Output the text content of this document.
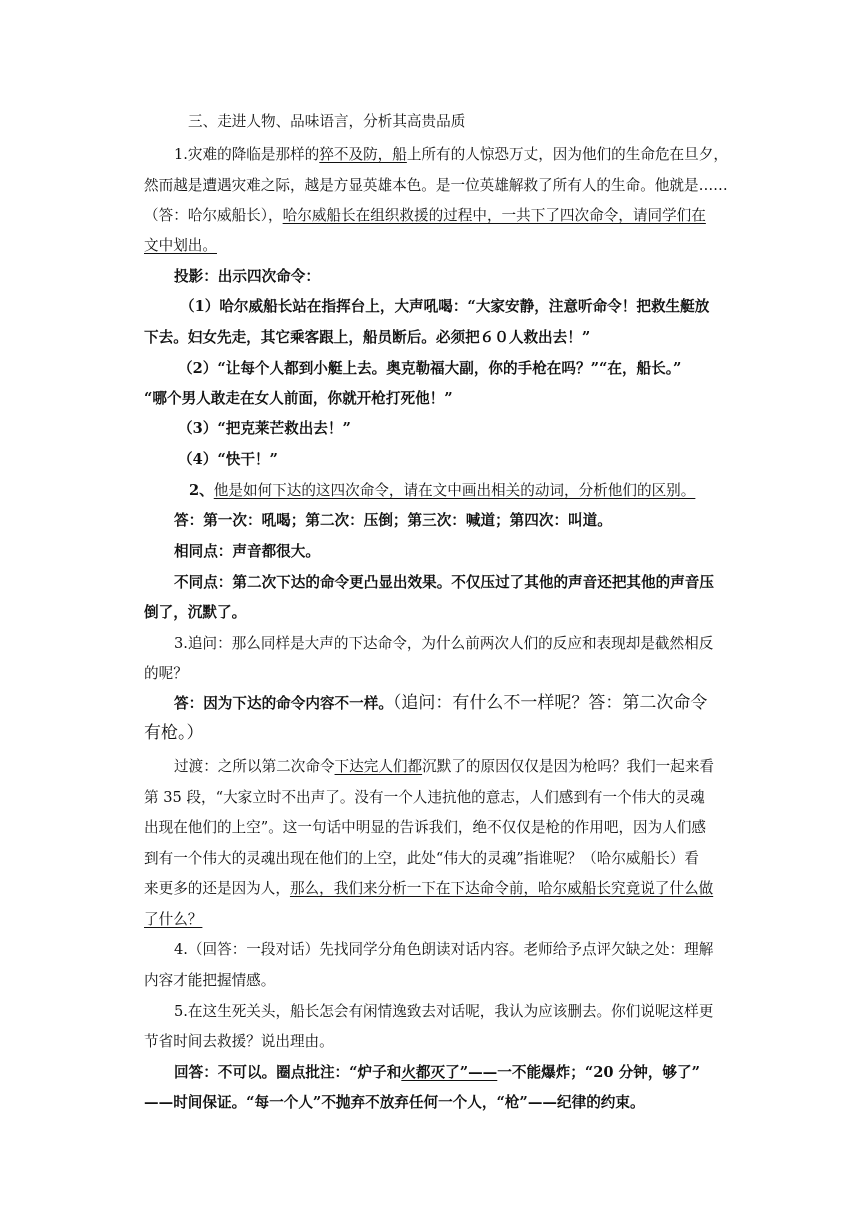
三、走进人物、品味语言，分析其高贵品质
1.灾难的降临是那样的猝不及防，船上所有的人惊恐万丈，因为他们的生命危在旦夕，
然而越是遭遇灾难之际，越是方显英雄本色。是一位英雄解救了所有人的生命。他就是……
（答：哈尔威船长），哈尔威船长在组织救援的过程中，一共下了四次命令，请同学们在
文中划出。
投影：出示四次命令：
（1）哈尔威船长站在指挥台上，大声吼喝：“大家安静，注意听命令！把救生艇放
下去。妇女先走，其它乘客跟上，船员断后。必须把６０人救出去！”
（2）“让每个人都到小艇上去。奥克勒福大副，你的手枪在吗？”“在，船长。”
“哪个男人敢走在女人前面，你就开枪打死他！”
（3）“把克莱芒救出去！”
（4）“快干！”
2、他是如何下达的这四次命令，请在文中画出相关的动词，分析他们的区别。
答：第一次：吼喝；第二次：压倒；第三次：喊道；第四次：叫道。
相同点：声音都很大。
不同点：第二次下达的命令更凸显出效果。不仅压过了其他的声音还把其他的声音压
倒了，沉默了。
3.追问：那么同样是大声的下达命令，为什么前两次人们的反应和表现却是截然相反
的呢？
答：因为下达的命令内容不一样。（追问：有什么不一样呢？答：第二次命令
有枪。）
过渡：之所以第二次命令下达完人们都沉默了的原因仅仅是因为枪吗？我们一起来看
第 35 段，“大家立时不出声了。没有一个人违抗他的意志，人们感到有一个伟大的灵魂
出现在他们的上空”。这一句话中明显的告诉我们，绝不仅仅是枪的作用吧，因为人们感
到有一个伟大的灵魂出现在他们的上空，此处“伟大的灵魂”指谁呢？（哈尔威船长）看
来更多的还是因为人，那么，我们来分析一下在下达命令前，哈尔威船长究竟说了什么做
了什么？
4.（回答：一段对话）先找同学分角色朗读对话内容。老师给予点评欠缺之处：理解
内容才能把握情感。
5.在这生死关头，船长怎会有闲情逸致去对话呢，我认为应该删去。你们说呢这样更
节省时间去救援？说出理由。
回答：不可以。圈点批注：“炉子和火都灭了”——一不能爆炸；“20 分钟，够了”
——时间保证。“每一个人”不抛弃不放弃任何一个人，“枪”——纪律的约束。
